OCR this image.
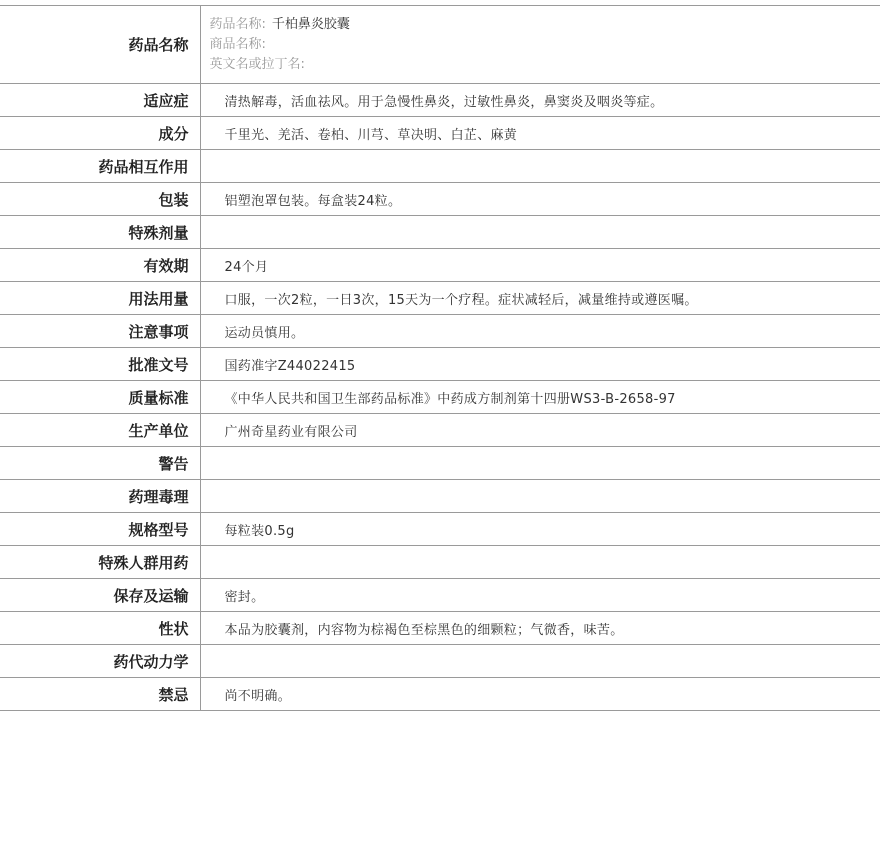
药品名称	药品名称: 千柏鼻炎胶囊
商品名称:
英文名或拉丁名:

适应症	清热解毒，活血祛风。用于急慢性鼻炎，过敏性鼻炎，鼻窦炎及咽炎等症。
成分	千里光、羌活、卷柏、川芎、草决明、白芷、麻黄
药品相互作用	
包装	铝塑泡罩包装。每盒装24粒。
特殊剂量	
有效期	24个月
用法用量	口服，一次2粒，一日3次，15天为一个疗程。症状减轻后，减量维持或遵医嘱。
注意事项	运动员慎用。
批准文号	国药准字Z44022415
质量标准	《中华人民共和国卫生部药品标准》中药成方制剂第十四册WS3-B-2658-97
生产单位	广州奇星药业有限公司
警告	
药理毒理	
规格型号	每粒装0.5g
特殊人群用药	
保存及运输	密封。
性状	本品为胶囊剂，内容物为棕褐色至棕黑色的细颗粒；气微香，味苦。
药代动力学	
禁忌	尚不明确。
